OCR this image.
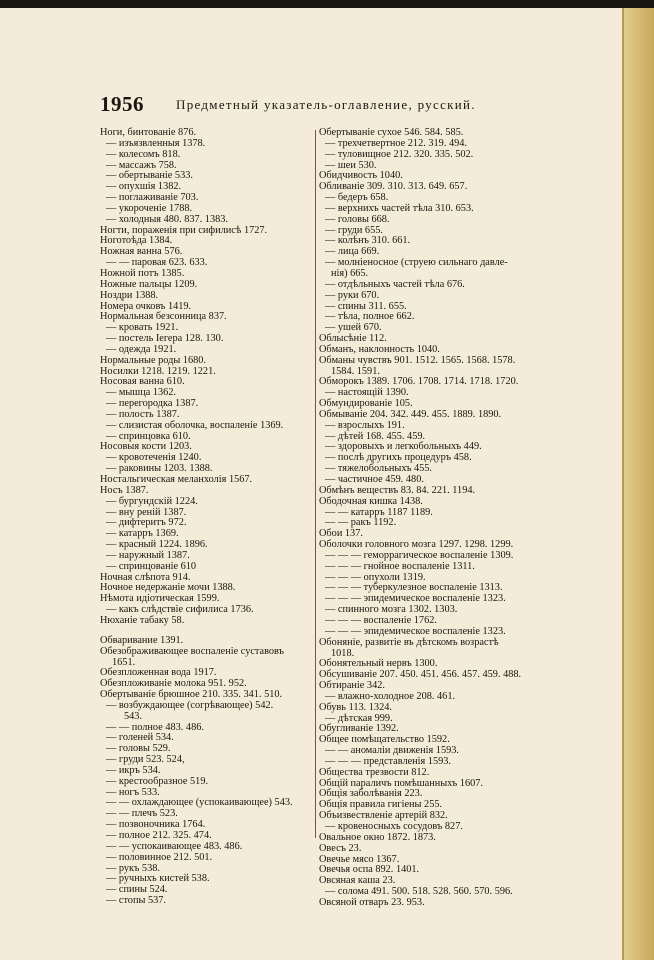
1956 Предметный указатель-оглавление, русский.
Ноги, бинтованіе 876.
— изъязвленныя 1378.
— колесомъ 818.
— массажъ 758.
— обертываніе 533.
— опухшія 1382.
— поглаживаніе 703.
— укороченіе 1788.
— холодныя 480. 837. 1383.
Ногти, пораженія при сифилисѣ 1727.
Ноготоѣда 1384.
Ножная ванна 576.
— — паровая 623. 633.
Ножной потъ 1385.
Ножные пальцы 1209.
Ноздри 1388.
Номера очковъ 1419.
Нормальная безсонница 837.
— кровать 1921.
— постель Іегера 128. 130.
— одежда 1921.
Нормальные роды 1680.
Носилки 1218. 1219. 1221.
Носовая ванна 610.
— мышца 1362.
— перегородка 1387.
— полость 1387.
— слизистая оболочка, воспаленіе 1369.
— спринцовка 610.
Носовыя кости 1203.
— кровотеченія 1240.
— раковины 1203. 1388.
Ностальгическая меланхолія 1567.
Носъ 1387.
— бургундскій 1224.
— вну реній 1387.
— дифтеритъ 972.
— катарръ 1369.
— красный 1224. 1896.
— наружный 1387.
— спринцованіе 610
Ночная слѣпота 914.
Ночное недержаніе мочи 1388.
Нѣмота идіотическая 1599.
— какъ слѣдствіе сифилиса 1736.
Нюханіе табаку 58.
Обваривание 1391.
Обезображивающее воспаленіе суставовъ
1651.
Обезпложенная вода 1917.
Обезпложиваніе молока 951. 952.
Обертываніе брюшное 210. 335. 341. 510.
— возбуждающее (согрѣвающее) 542.
543.
— — полное 483. 486.
— голеней 534.
— головы 529.
— груди 523. 524,
— икръ 534.
— крестообразное 519.
— ногъ 533.
— — охлаждающее (успокаивающее) 543.
— — плечъ 523.
— позвоночника 1764.
— полное 212. 325. 474.
— — успокаивающее 483. 486.
— половинное 212. 501.
— рукъ 538.
— ручныхъ кистей 538.
— спины 524.
— стопы 537.
Обертываніе сухое 546. 584. 585.
— трехчетвертное 212. 319. 494.
— туловищное 212. 320. 335. 502.
— шеи 530.
Обидчивость 1040.
Обливаніе 309. 310. 313. 649. 657.
— бедеръ 658.
— верхнихъ частей тѣла 310. 653.
— головы 668.
— груди 655.
— колѣнъ 310. 661.
— лица 669.
— молніеносное (струею сильнаго давле-
нія) 665.
— отдѣльныхъ частей тѣла 676.
— руки 670.
— спины 311. 655.
— тѣла, полное 662.
— ушей 670.
Облысѣніе 112.
Обманъ, наклонность 1040.
Обманы чувствъ 901. 1512. 1565. 1568. 1578.
1584. 1591.
Обморокъ 1389. 1706. 1708. 1714. 1718. 1720.
— настоящій 1390.
Обмундированіе 105.
Обмываніе 204. 342. 449. 455. 1889. 1890.
— взрослыхъ 191.
— дѣтей 168. 455. 459.
— здоровыхъ и легкобольныхъ 449.
— послѣ другихъ процедуръ 458.
— тяжелобольныхъ 455.
— частичное 459. 480.
Обмѣнъ веществъ 83. 84. 221. 1194.
Ободочная кишка 1438.
— — катарръ 1187 1189.
— — ракъ 1192.
Обои 137.
Оболочки головного мозга 1297. 1298. 1299.
— — — геморрагическое воспаленіе 1309.
— — — гнойное воспаленіе 1311.
— — — опухоли 1319.
— — — туберкулезное воспаленіе 1313.
— — — эпидемическое воспаленіе 1323.
— спинного мозга 1302. 1303.
— — — воспаленіе 1762.
— — — эпидемическое воспаленіе 1323.
Обоняніе, развитіе въ дѣтскомъ возрастѣ
1018.
Обонятельный нервъ 1300.
Обсушиваніе 207. 450. 451. 456. 457. 459. 488.
Обтираніе 342.
— влажно-холодное 208. 461.
Обувь 113. 1324.
— дѣтская 999.
Обугливаніе 1392.
Общее помѣщательство 1592.
— — аномаліи движенія 1593.
— — — представленія 1593.
Общества трезвости 812.
Общій параличъ помѣшанныхъ 1607.
Общія заболѣванія 223.
Общія правила гигіены 255.
Объизвествленіе артерій 832.
— кровеносныхъ сосудовъ 827.
Овальное окно 1872. 1873.
Овесъ 23.
Овечье мясо 1367.
Овечья оспа 892. 1401.
Овсяная каша 23.
— солома 491. 500. 518. 528. 560. 570. 596.
Овсяной отваръ 23. 953.
